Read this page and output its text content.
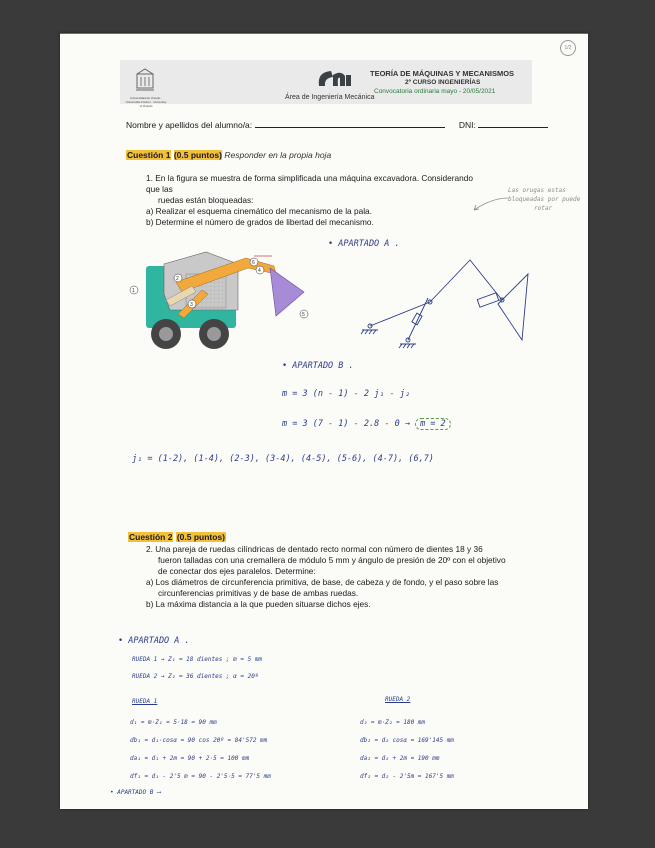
1/2
Universidad de Oviedo · Universidá d'Uviéu · University of Oviedo
Área de Ingeniería Mecánica
TEORÍA DE MÁQUINAS Y MECANISMOS
2º CURSO INGENIERÍAS
Convocatoria ordinaria mayo - 20/05/2021
Nombre y apellidos del alumno/a:	DNI:
Cuestión 1 (0.5 puntos) Responder en la propia hoja
1. En la figura se muestra de forma simplificada una máquina excavadora. Considerando que las
ruedas están bloqueadas:
a) Realizar el esquema cinemático del mecanismo de la pala.
b) Determine el número de grados de libertad del mecanismo.
Las orugas estas
bloqueadas por puede
rotar
1
2
3
4
5
6
• APARTADO A .
• APARTADO B .
m = 3 (n - 1) - 2 j₁ - j₂
m = 3 (7 - 1) - 2.8 - 0 → m = 2
j₁ = (1-2), (1-4), (2-3), (3-4), (4-5), (5-6), (4-7), (6,7)
Cuestión 2 (0.5 puntos)
2. Una pareja de ruedas cilíndricas de dentado recto normal con número de dientes 18 y 36
fueron talladas con una cremallera de módulo 5 mm y ángulo de presión de 20º con el objetivo
de conectar dos ejes paralelos. Determine:
a) Los diámetros de circunferencia primitiva, de base, de cabeza y de fondo, y el paso sobre las
circunferencias primitivas y de base de ambas ruedas.
b) La máxima distancia a la que pueden situarse dichos ejes.
• APARTADO A .
RUEDA 1 → Z₁ = 18 dientes ; m = 5 mm
RUEDA 2 → Z₂ = 36 dientes ; α = 20º
RUEDA 1	RUEDA 2
d₁ = m·Z₁ = 5·18 = 90 mm
db₁ = d₁·cosα = 90 cos 20º = 84'572 mm
da₁ = d₁ + 2m = 90 + 2·5 = 100 mm
df₁ = d₁ - 2'5 m = 90 - 2'5·5 = 77'5 mm
d₂ = m·Z₂ = 180 mm
db₂ = d₂ cosα = 169'145 mm
da₂ = d₂ + 2m = 190 mm
df₂ = d₂ - 2'5m = 167'5 mm
• APARTADO B ⟶
